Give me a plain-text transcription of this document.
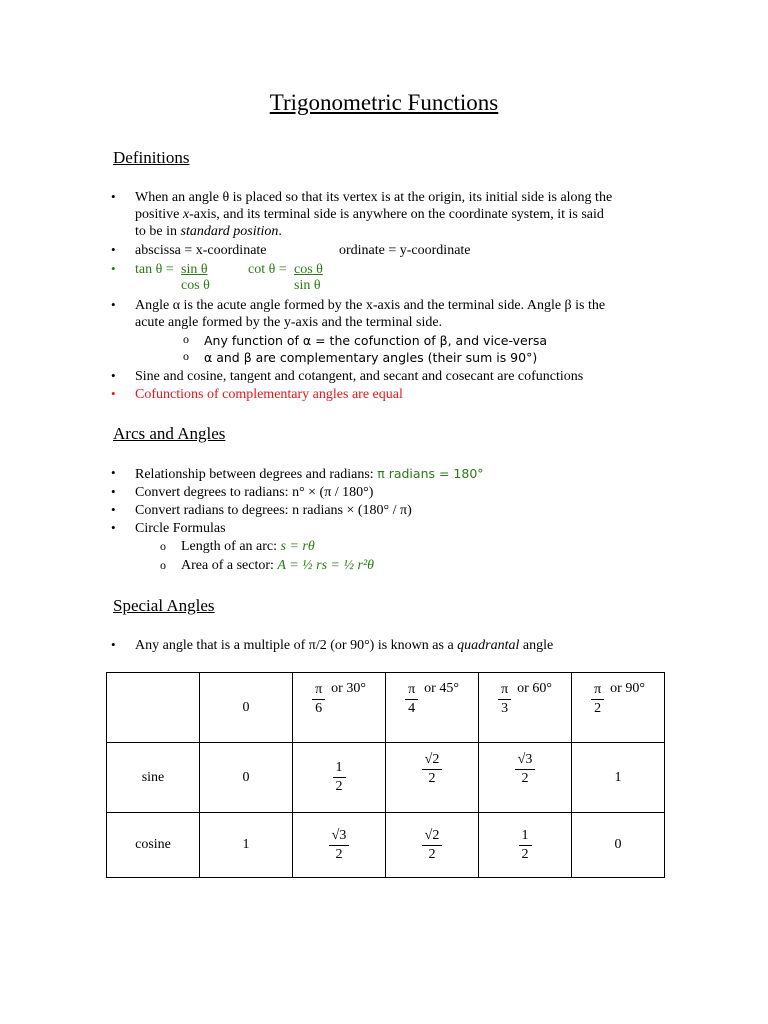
Trigonometric Functions
Definitions
• When an angle θ is placed so that its vertex is at the origin, its initial side is along the
positive x-axis, and its terminal side is anywhere on the coordinate system, it is said
to be in standard position.
• abscissa = x-coordinate	ordinate = y-coordinate
• tan θ = sin θ
cos θ
cot θ = cos θ
sin θ
• Angle α is the acute angle formed by the x-axis and the terminal side. Angle β is the
acute angle formed by the y-axis and the terminal side.
o Any function of α = the cofunction of β, and vice-versa
o α and β are complementary angles (their sum is 90°)
• Sine and cosine, tangent and cotangent, and secant and cosecant are cofunctions
• Cofunctions of complementary angles are equal
Arcs and Angles
• Relationship between degrees and radians: π radians = 180°
• Convert degrees to radians: n° × (π / 180°)
• Convert radians to degrees: n radians × (180° / π)
• Circle Formulas
o Length of an arc: s = rθ
o Area of a sector: A = ½ rs = ½ r²θ
Special Angles
• Any angle that is a multiple of π/2 (or 90°) is known as a quadrantal angle
	0	$\frac{\pi}{6}$ or 30°	$\frac{\pi}{4}$ or 45°	$\frac{\pi}{3}$ or 60°	$\frac{\pi}{2}$ or 90°

sine	0	$\frac{1}{2}$	$\frac{√2}{2}$	$\frac{√3}{2}$	1
cosine	1	$\frac{√3}{2}$	$\frac{√2}{2}$	$\frac{1}{2}$	0
